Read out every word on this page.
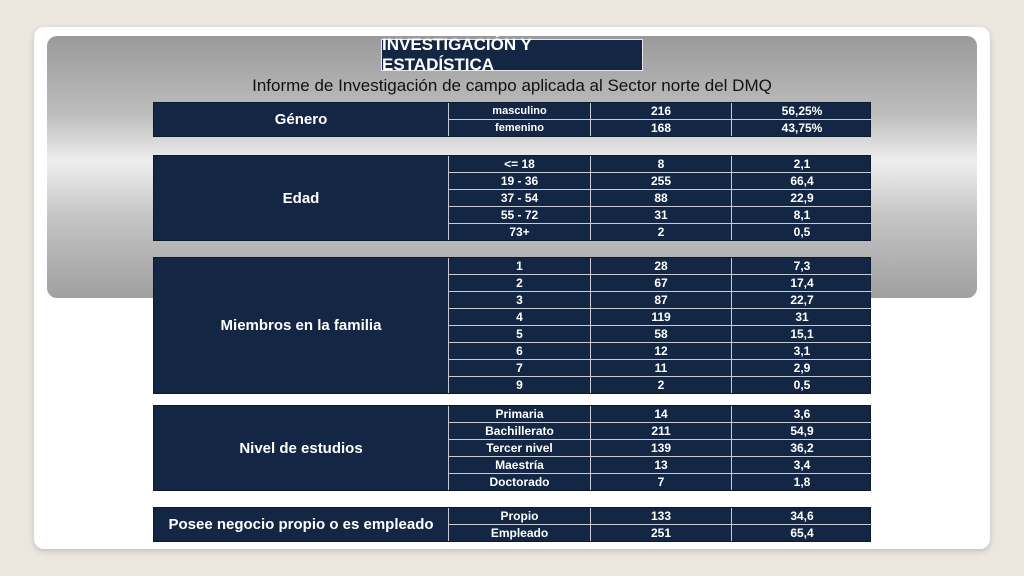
INVESTIGACIÓN Y ESTADÍSTICA
Informe de Investigación de campo aplicada al Sector norte del DMQ
Género	masculino	216	56,25%
femenino	168	43,75%
Edad
<= 18	8	2,1
19 - 36	255	66,4
37 - 54	88	22,9
55 - 72	31	8,1
73+	2	0,5
Miembros en la familia
1	28	7,3
2	67	17,4
3	87	22,7
4	119	31
5	58	15,1
6	12	3,1
7	11	2,9
9	2	0,5
Nivel de estudios
Primaria	14	3,6
Bachillerato	211	54,9
Tercer nivel	139	36,2
Maestría	13	3,4
Doctorado	7	1,8
Posee negocio propio o es empleado	Propio	133	34,6
Empleado	251	65,4
